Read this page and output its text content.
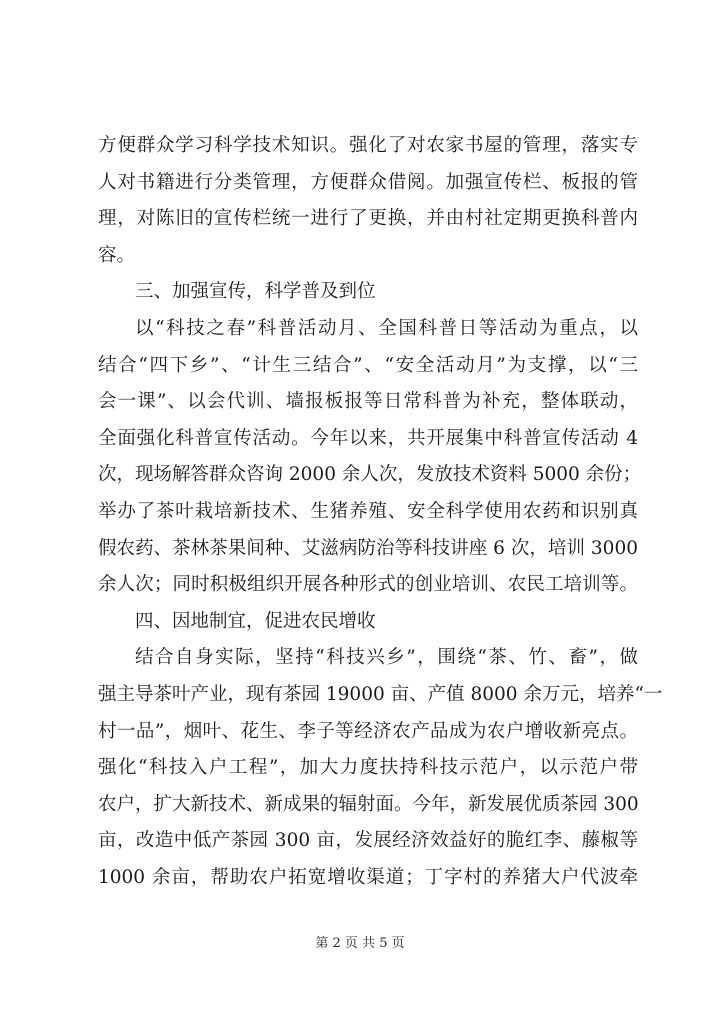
方便群众学习科学技术知识。强化了对农家书屋的管理，落实专
人对书籍进行分类管理，方便群众借阅。加强宣传栏、板报的管
理，对陈旧的宣传栏统一进行了更换，并由村社定期更换科普内
容。
三、加强宣传，科学普及到位
以“科技之春”科普活动月、全国科普日等活动为重点，以
结合“四下乡”、“计生三结合”、“安全活动月”为支撑，以“三
会一课”、以会代训、墙报板报等日常科普为补充，整体联动，
全面强化科普宣传活动。今年以来，共开展集中科普宣传活动 4
次，现场解答群众咨询 2000 余人次，发放技术资料 5000 余份；
举办了茶叶栽培新技术、生猪养殖、安全科学使用农药和识别真
假农药、茶林茶果间种、艾滋病防治等科技讲座 6 次，培训 3000
余人次；同时积极组织开展各种形式的创业培训、农民工培训等。
四、因地制宜，促进农民增收
结合自身实际，坚持“科技兴乡”，围绕“茶、竹、畜”，做
强主导茶叶产业，现有茶园 19000 亩、产值 8000 余万元，培养“一
村一品”，烟叶、花生、李子等经济农产品成为农户增收新亮点。
强化“科技入户工程”，加大力度扶持科技示范户，以示范户带
农户，扩大新技术、新成果的辐射面。今年，新发展优质茶园 300
亩，改造中低产茶园 300 亩，发展经济效益好的脆红李、藤椒等
1000 余亩，帮助农户拓宽增收渠道；丁字村的养猪大户代波牵
第 2 页 共 5 页
